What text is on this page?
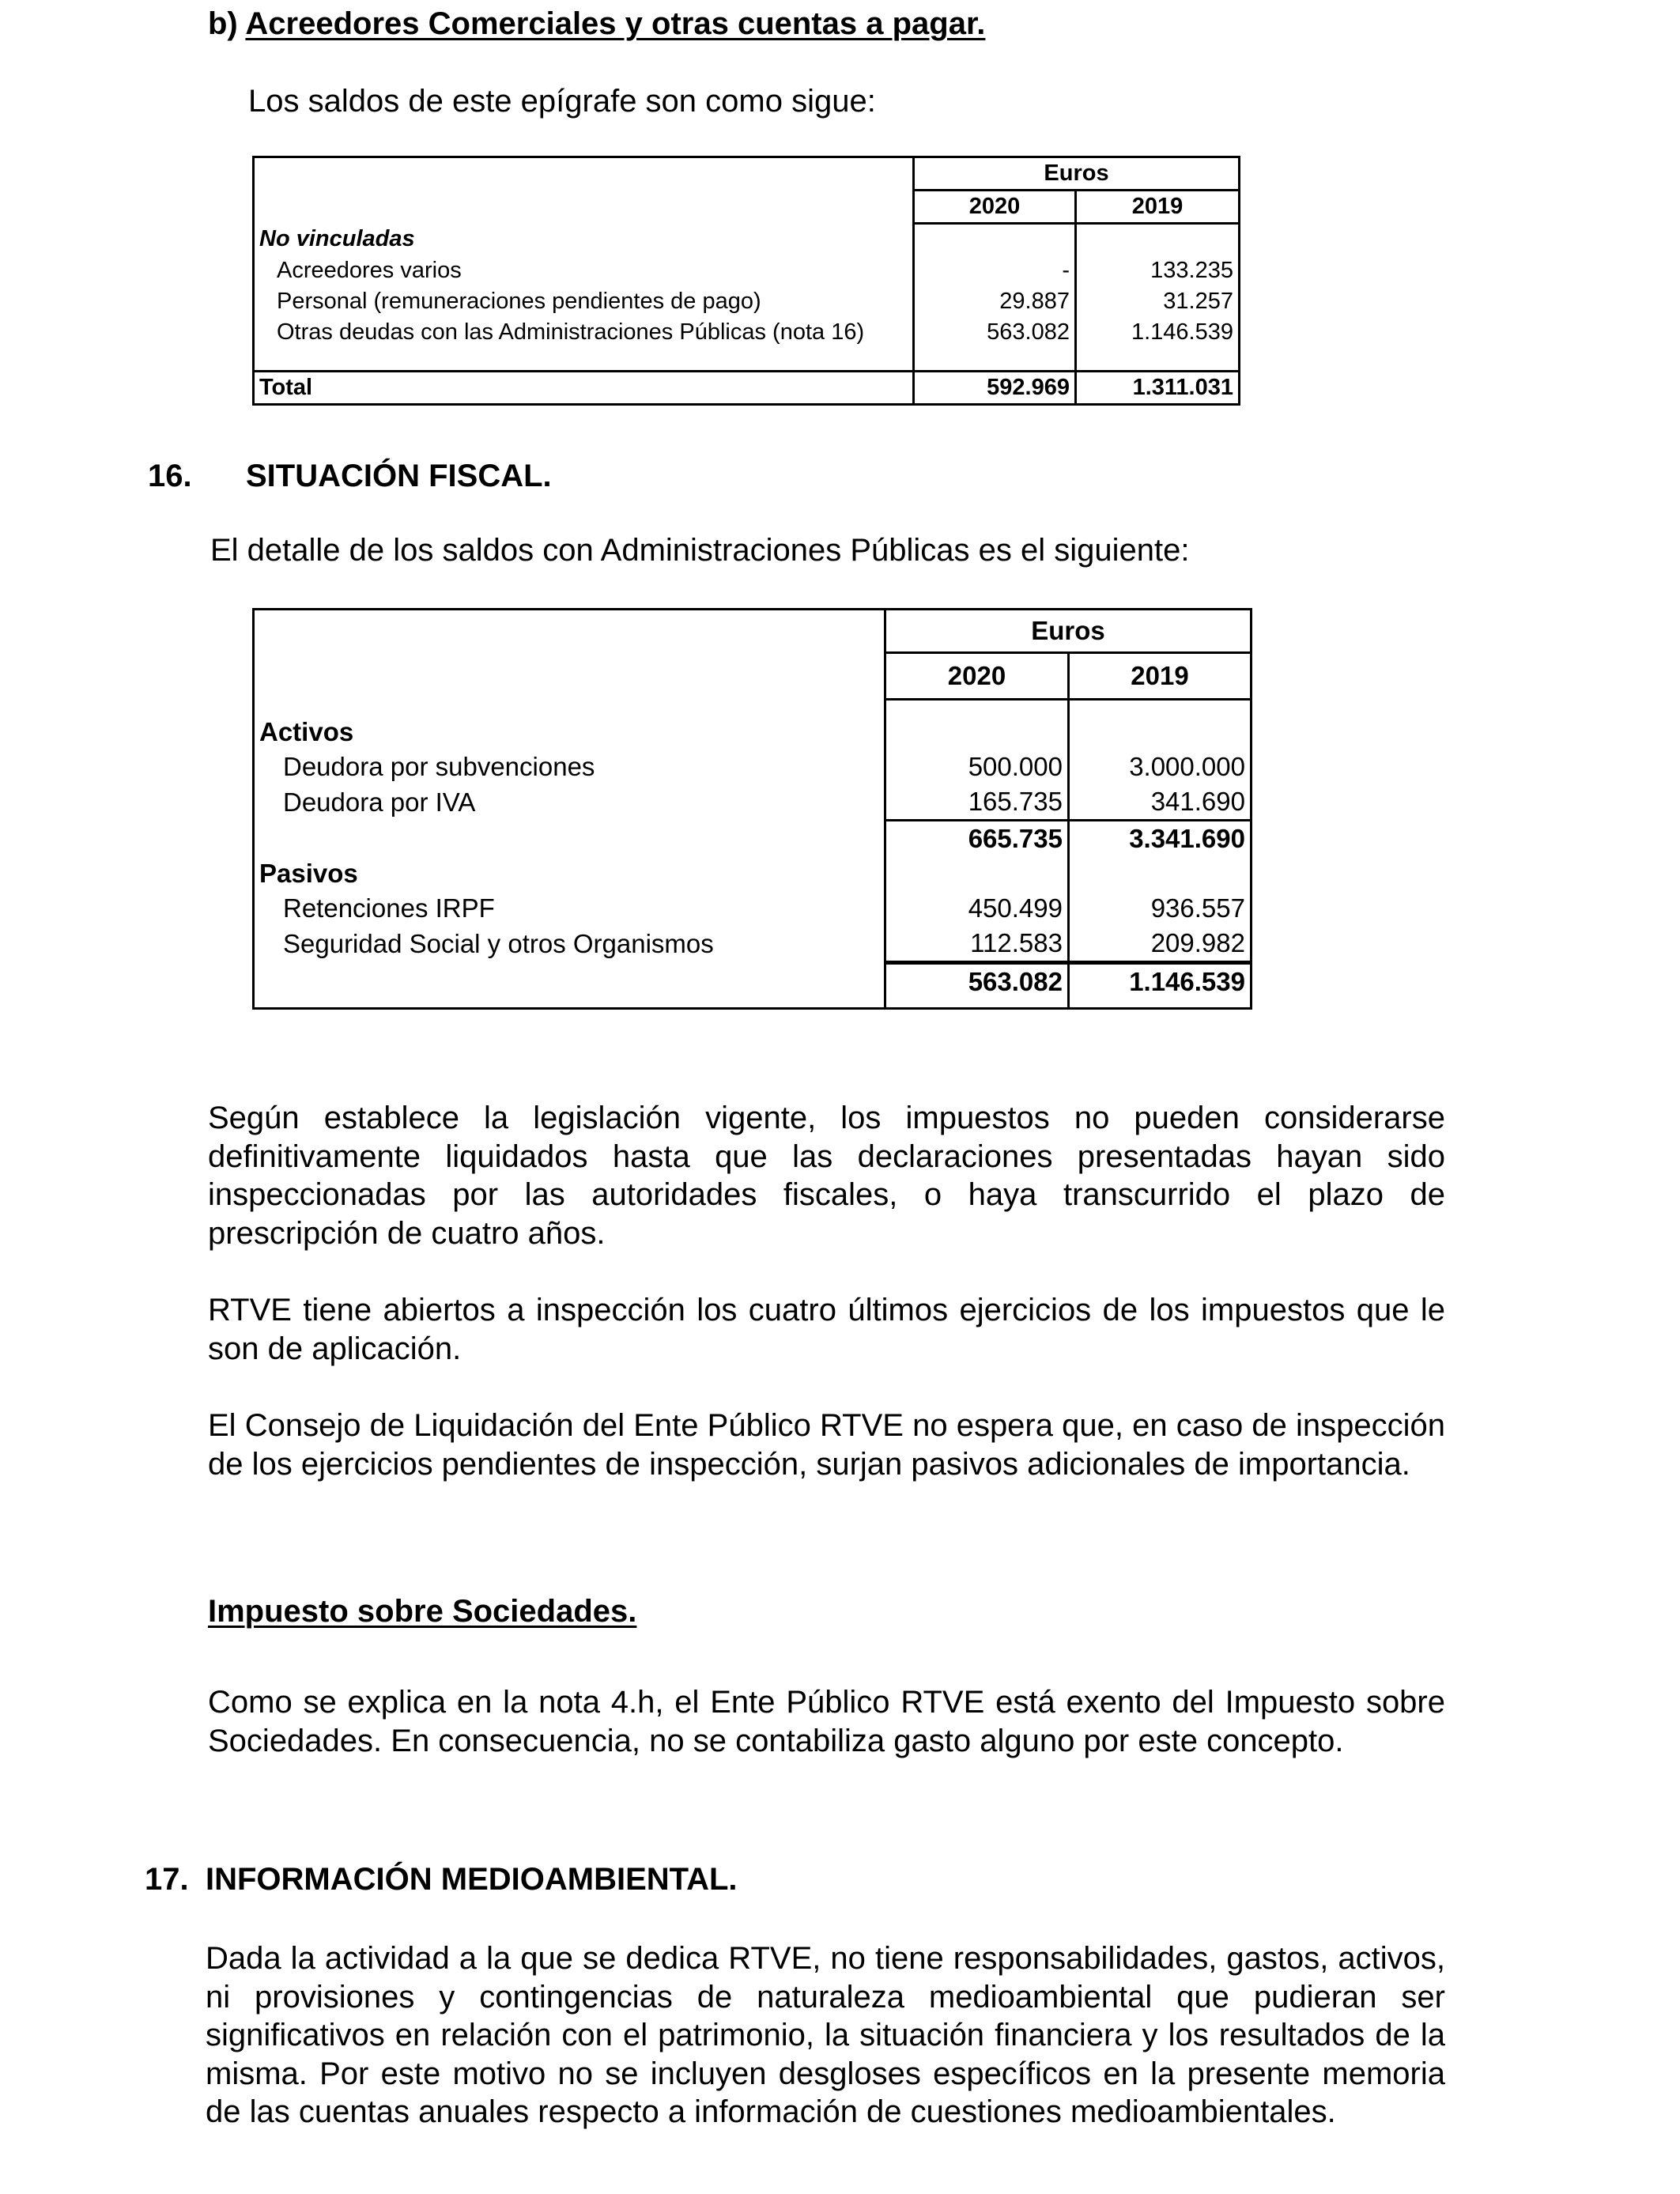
b) Acreedores Comerciales y otras cuentas a pagar.
Los saldos de este epígrafe son como sigue:
	Euros	
	2020	2019
No vinculadas		
Acreedores varios	-	133.235
Personal (remuneraciones pendientes de pago)	29.887	31.257
Otras deudas con las Administraciones Públicas (nota 16)	563.082	1.146.539

Total	592.969	1.311.031
16. SITUACIÓN FISCAL.
El detalle de los saldos con Administraciones Públicas es el siguiente:
	Euros	
	2020	2019

Activos		
Deudora por subvenciones	500.000	3.000.000
Deudora por IVA	165.735	341.690
	665.735	3.341.690
Pasivos		
Retenciones IRPF	450.499	936.557
Seguridad Social y otros Organismos	112.583	209.982
	563.082	1.146.539
Según establece la legislación vigente, los impuestos no pueden considerarse definitivamente liquidados hasta que las declaraciones presentadas hayan sido inspeccionadas por las autoridades fiscales, o haya transcurrido el plazo de prescripción de cuatro años.
RTVE tiene abiertos a inspección los cuatro últimos ejercicios de los impuestos que le son de aplicación.
El Consejo de Liquidación del Ente Público RTVE no espera que, en caso de inspección de los ejercicios pendientes de inspección, surjan pasivos adicionales de importancia.
Impuesto sobre Sociedades.
Como se explica en la nota 4.h, el Ente Público RTVE está exento del Impuesto sobre Sociedades. En consecuencia, no se contabiliza gasto alguno por este concepto.
17. INFORMACIÓN MEDIOAMBIENTAL.
Dada la actividad a la que se dedica RTVE, no tiene responsabilidades, gastos, activos, ni provisiones y contingencias de naturaleza medioambiental que pudieran ser significativos en relación con el patrimonio, la situación financiera y los resultados de la misma. Por este motivo no se incluyen desgloses específicos en la presente memoria de las cuentas anuales respecto a información de cuestiones medioambientales.
